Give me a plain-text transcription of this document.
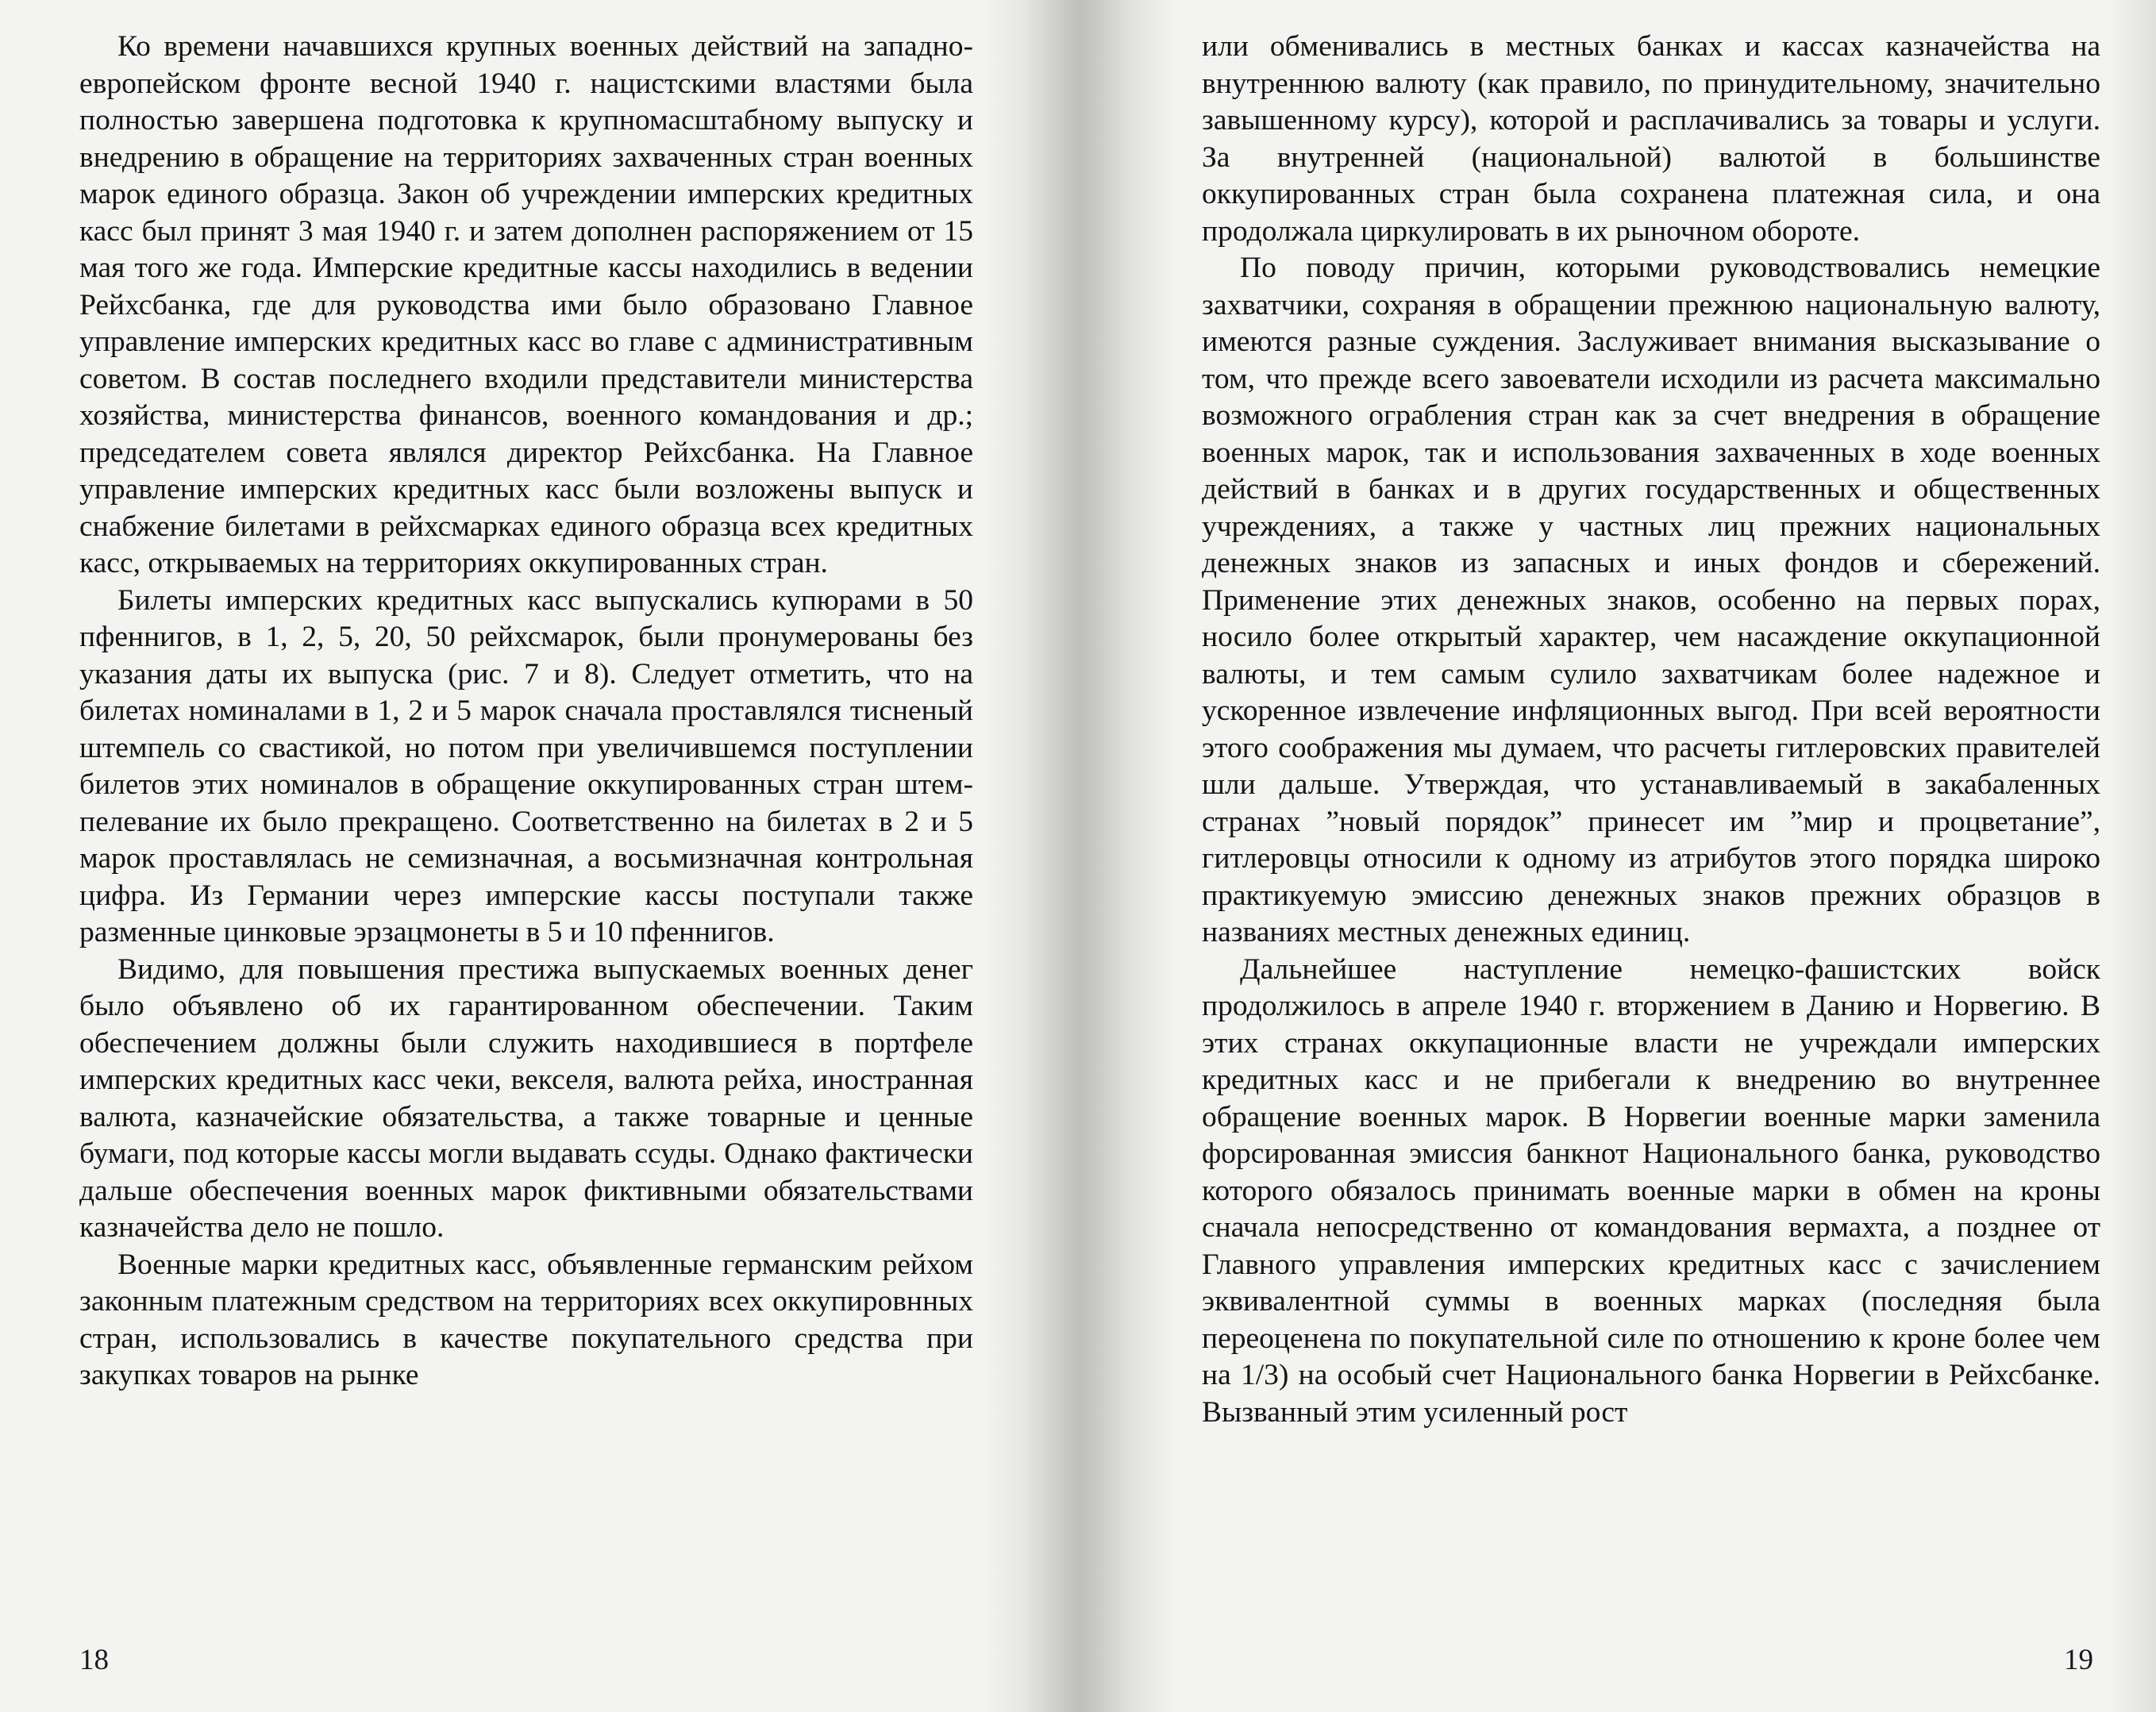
Ко времени начавшихся крупных военных действий на западно-европейском фронте весной 1940 г. нацистскими властями была полностью завершена подготовка к крупномасштабному выпуску и внедрению в обращение на территориях захваченных стран военных марок единого образца. Закон об учреждении имперских кредитных касс был принят 3 мая 1940 г. и затем дополнен распоряжением от 15 мая того же года. Имперские кредитные кассы находились в ведении Рейхсбанка, где для руководства ими было образовано Главное управление имперских кредитных касс во главе с административным советом. В состав последнего входили представители министерства хозяйства, министерства финансов, военного командования и др.; председателем совета являлся директор Рейхсбанка. На Главное управление имперских кредитных касс были возложены выпуск и снабжение билетами в рейхсмарках единого образца всех кредитных касс, открываемых на территориях оккупированных стран.

Билеты имперских кредитных касс выпускались купюрами в 50 пфеннигов, в 1, 2, 5, 20, 50 рейхсмарок, были пронумерованы без указания даты их выпуска (рис. 7 и 8). Следует отметить, что на билетах номиналами в 1, 2 и 5 марок сначала проставлялся тисненый штемпель со свастикой, но потом при увеличившемся поступлении билетов этих номиналов в обращение оккупированных стран штемпелевание их было прекращено. Соответственно на билетах в 2 и 5 марок проставлялась не семизначная, а восьмизначная контрольная цифра. Из Германии через имперские кассы поступали также разменные цинковые эрзацмонеты в 5 и 10 пфеннигов.

Видимо, для повышения престижа выпускаемых военных денег было объявлено об их гарантированном обеспечении. Таким обеспечением должны были служить находившиеся в портфеле имперских кредитных касс чеки, векселя, валюта рейха, иностранная валюта, казначейские обязательства, а также товарные и ценные бумаги, под которые кассы могли выдавать ссуды. Однако фактически дальше обеспечения военных марок фиктивными обязательствами казначейства дело не пошло.

Военные марки кредитных касс, объявленные германским рейхом законным платежным средством на территориях всех оккупировнных стран, использовались в качестве покупательного средства при закупках товаров на рынке

18

или обменивались в местных банках и кассах казначейства на внутреннюю валюту (как правило, по принудительному, значительно завышенному курсу), которой и расплачивались за товары и услуги. За внутренней (национальной) валютой в большинстве оккупированных стран была сохранена платежная сила, и она продолжала циркулировать в их рыночном обороте.

По поводу причин, которыми руководствовались немецкие захватчики, сохраняя в обращении прежнюю национальную валюту, имеются разные суждения. Заслуживает внимания высказывание о том, что прежде всего завоеватели исходили из расчета максимально возможного ограбления стран как за счет внедрения в обращение военных марок, так и использования захваченных в ходе военных действий в банках и в других государственных и общественных учреждениях, а также у частных лиц прежних национальных денежных знаков из запасных и иных фондов и сбережений. Применение этих денежных знаков, особенно на первых порах, носило более открытый характер, чем насаждение оккупационной валюты, и тем самым сулило захватчикам более надежное и ускоренное извлечение инфляционных выгод. При всей вероятности этого соображения мы думаем, что расчеты гитлеровских правителей шли дальше. Утверждая, что устанавливаемый в закабаленных странах ”новый порядок” принесет им ”мир и процветание”, гитлеровцы относили к одному из атрибутов этого порядка широко практикуемую эмиссию денежных знаков прежних образцов в названиях местных денежных единиц.

Дальнейшее наступление немецко-фашистских войск продолжилось в апреле 1940 г. вторжением в Данию и Норвегию. В этих странах оккупационные власти не учреждали имперских кредитных касс и не прибегали к внедрению во внутреннее обращение военных марок. В Норвегии военные марки заменила форсированная эмиссия банкнот Национального банка, руководство которого обязалось принимать военные марки в обмен на кроны сначала непосредственно от командования вермахта, а позднее от Главного управления имперских кредитных касс с зачислением эквивалентной суммы в военных марках (последняя была переоценена по покупательной силе по отношению к кроне более чем на 1/3) на особый счет Национального банка Норвегии в Рейхсбанке. Вызванный этим усиленный рост

19
